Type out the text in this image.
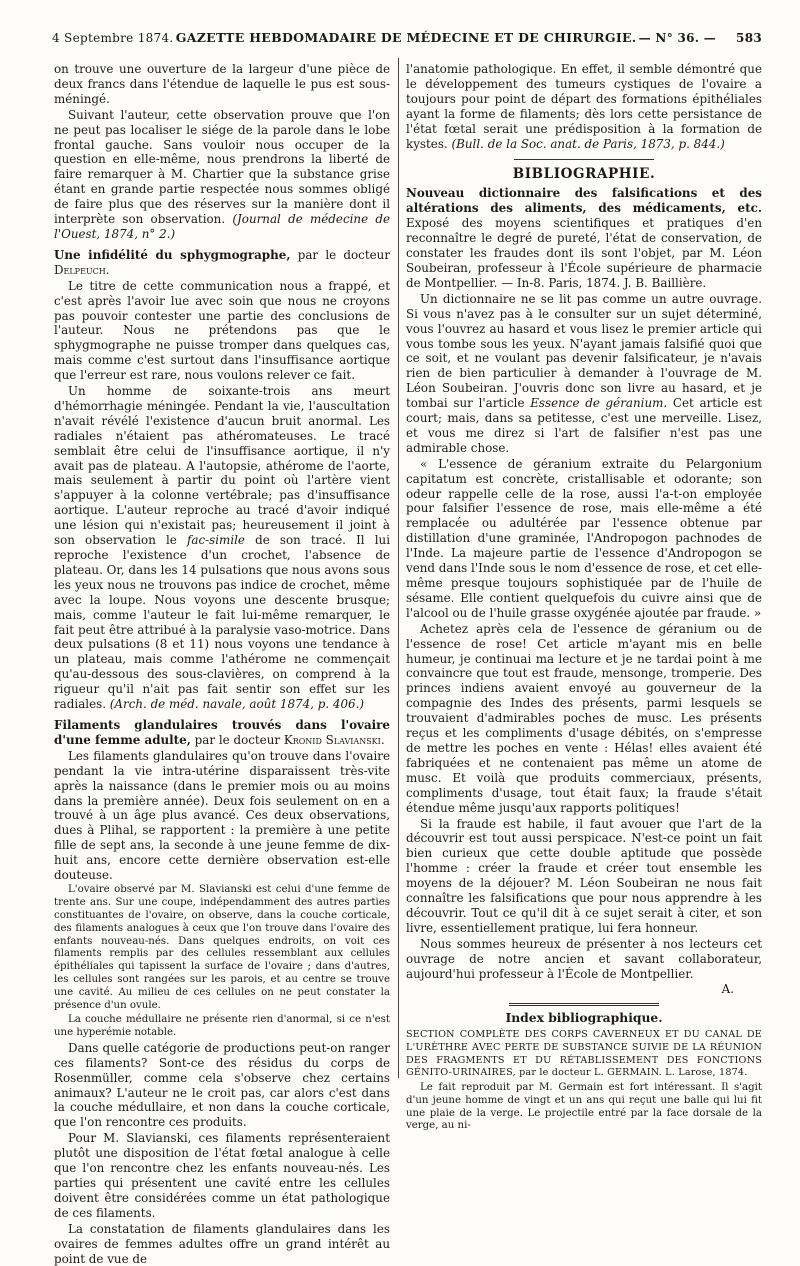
4 Septembre 1874. GAZETTE HEBDOMADAIRE DE MÉDECINE ET DE CHIRURGIE. — N° 36. — 583

on trouve une ouverture de la largeur d'une pièce de deux francs dans l'étendue de laquelle le pus est sous-méningé.

Suivant l'auteur, cette observation prouve que l'on ne peut pas localiser le siége de la parole dans le lobe frontal gauche. Sans vouloir nous occuper de la question en elle-même, nous prendrons la liberté de faire remarquer à M. Chartier que la substance grise étant en grande partie respectée nous sommes obligé de faire plus que des réserves sur la manière dont il interprète son observation. (Journal de médecine de l'Ouest, 1874, n° 2.)

Une infidélité du sphygmographe, par le docteur Delpeuch.

Le titre de cette communication nous a frappé, et c'est après l'avoir lue avec soin que nous ne croyons pas pouvoir contester une partie des conclusions de l'auteur. Nous ne prétendons pas que le sphygmographe ne puisse tromper dans quelques cas, mais comme c'est surtout dans l'insuffisance aortique que l'erreur est rare, nous voulons relever ce fait.

Un homme de soixante-trois ans meurt d'hémorrhagie méningée. Pendant la vie, l'auscultation n'avait révélé l'existence d'aucun bruit anormal. Les radiales n'étaient pas athéromateuses. Le tracé semblait être celui de l'insuffisance aortique, il n'y avait pas de plateau. A l'autopsie, athérome de l'aorte, mais seulement à partir du point où l'artère vient s'appuyer à la colonne vertébrale; pas d'insuffisance aortique. L'auteur reproche au tracé d'avoir indiqué une lésion qui n'existait pas; heureusement il joint à son observation le fac-simile de son tracé. Il lui reproche l'existence d'un crochet, l'absence de plateau. Or, dans les 14 pulsations que nous avons sous les yeux nous ne trouvons pas indice de crochet, même avec la loupe. Nous voyons une descente brusque; mais, comme l'auteur le fait lui-même remarquer, le fait peut être attribué à la paralysie vaso-motrice. Dans deux pulsations (8 et 11) nous voyons une tendance à un plateau, mais comme l'athérome ne commençait qu'au-dessous des sous-clavières, on comprend à la rigueur qu'il n'ait pas fait sentir son effet sur les radiales. (Arch. de méd. navale, août 1874, p. 406.)

Filaments glandulaires trouvés dans l'ovaire d'une femme adulte, par le docteur Kronid Slavianski.

Les filaments glandulaires qu'on trouve dans l'ovaire pendant la vie intra-utérine disparaissent très-vite après la naissance (dans le premier mois ou au moins dans la première année). Deux fois seulement on en a trouvé à un âge plus avancé. Ces deux observations, dues à Plihal, se rapportent : la première à une petite fille de sept ans, la seconde à une jeune femme de dix-huit ans, encore cette dernière observation est-elle douteuse.

L'ovaire observé par M. Slavianski est celui d'une femme de trente ans. Sur une coupe, indépendamment des autres parties constituantes de l'ovaire, on observe, dans la couche corticale, des filaments analogues à ceux que l'on trouve dans l'ovaire des enfants nouveau-nés. Dans quelques endroits, on voit ces filaments remplis par des cellules ressemblant aux cellules épithéliales qui tapissent la surface de l'ovaire ; dans d'autres, les cellules sont rangées sur les parois, et au centre se trouve une cavité. Au milieu de ces cellules on ne peut constater la présence d'un ovule.

La couche médullaire ne présente rien d'anormal, si ce n'est une hyperémie notable.

Dans quelle catégorie de productions peut-on ranger ces filaments? Sont-ce des résidus du corps de Rosenmüller, comme cela s'observe chez certains animaux? L'auteur ne le croit pas, car alors c'est dans la couche médullaire, et non dans la couche corticale, que l'on rencontre ces produits.

Pour M. Slavianski, ces filaments représenteraient plutôt une disposition de l'état fœtal analogue à celle que l'on rencontre chez les enfants nouveau-nés. Les parties qui présentent une cavité entre les cellules doivent être considérées comme un état pathologique de ces filaments.

La constatation de filaments glandulaires dans les ovaires de femmes adultes offre un grand intérêt au point de vue de

l'anatomie pathologique. En effet, il semble démontré que le développement des tumeurs cystiques de l'ovaire a toujours pour point de départ des formations épithéliales ayant la forme de filaments; dès lors cette persistance de l'état fœtal serait une prédisposition à la formation de kystes. (Bull. de la Soc. anat. de Paris, 1873, p. 844.)

BIBLIOGRAPHIE.

Nouveau dictionnaire des falsifications et des altérations des aliments, des médicaments, etc. Exposé des moyens scientifiques et pratiques d'en reconnaître le degré de pureté, l'état de conservation, de constater les fraudes dont ils sont l'objet, par M. Léon Soubeiran, professeur à l'École supérieure de pharmacie de Montpellier. — In-8. Paris, 1874. J. B. Baillière.

Un dictionnaire ne se lit pas comme un autre ouvrage. Si vous n'avez pas à le consulter sur un sujet déterminé, vous l'ouvrez au hasard et vous lisez le premier article qui vous tombe sous les yeux. N'ayant jamais falsifié quoi que ce soit, et ne voulant pas devenir falsificateur, je n'avais rien de bien particulier à demander à l'ouvrage de M. Léon Soubeiran. J'ouvris donc son livre au hasard, et je tombai sur l'article Essence de géranium. Cet article est court; mais, dans sa petitesse, c'est une merveille. Lisez, et vous me direz si l'art de falsifier n'est pas une admirable chose.

« L'essence de géranium extraite du Pelargonium capitatum est concrète, cristallisable et odorante; son odeur rappelle celle de la rose, aussi l'a-t-on employée pour falsifier l'essence de rose, mais elle-même a été remplacée ou adultérée par l'essence obtenue par distillation d'une graminée, l'Andropogon pachnodes de l'Inde. La majeure partie de l'essence d'Andropogon se vend dans l'Inde sous le nom d'essence de rose, et cet elle-même presque toujours sophistiquée par de l'huile de sésame. Elle contient quelquefois du cuivre ainsi que de l'alcool ou de l'huile grasse oxygénée ajoutée par fraude. »

Achetez après cela de l'essence de géranium ou de l'essence de rose! Cet article m'ayant mis en belle humeur, je continuai ma lecture et je ne tardai point à me convaincre que tout est fraude, mensonge, tromperie. Des princes indiens avaient envoyé au gouverneur de la compagnie des Indes des présents, parmi lesquels se trouvaient d'admirables poches de musc. Les présents reçus et les compliments d'usage débités, on s'empresse de mettre les poches en vente : Hélas! elles avaient été fabriquées et ne contenaient pas même un atome de musc. Et voilà que produits commerciaux, présents, compliments d'usage, tout était faux; la fraude s'était étendue même jusqu'aux rapports politiques!

Si la fraude est habile, il faut avouer que l'art de la découvrir est tout aussi perspicace. N'est-ce point un fait bien curieux que cette double aptitude que possède l'homme : créer la fraude et créer tout ensemble les moyens de la déjouer? M. Léon Soubeiran ne nous fait connaître les falsifications que pour nous apprendre à les découvrir. Tout ce qu'il dit à ce sujet serait à citer, et son livre, essentiellement pratique, lui fera honneur.

Nous sommes heureux de présenter à nos lecteurs cet ouvrage de notre ancien et savant collaborateur, aujourd'hui professeur à l'École de Montpellier.

A.

Index bibliographique.

SECTION COMPLÈTE DES CORPS CAVERNEUX ET DU CANAL DE L'URÈTHRE AVEC PERTE DE SUBSTANCE SUIVIE DE LA RÉUNION DES FRAGMENTS ET DU RÉTABLISSEMENT DES FONCTIONS GÉNITO-URINAIRES, par le docteur L. GERMAIN. L. Larose, 1874.

Le fait reproduit par M. Germain est fort intéressant. Il s'agit d'un jeune homme de vingt et un ans qui reçut une balle qui lui fit une plaie de la verge. Le projectile entré par la face dorsale de la verge, au ni-
